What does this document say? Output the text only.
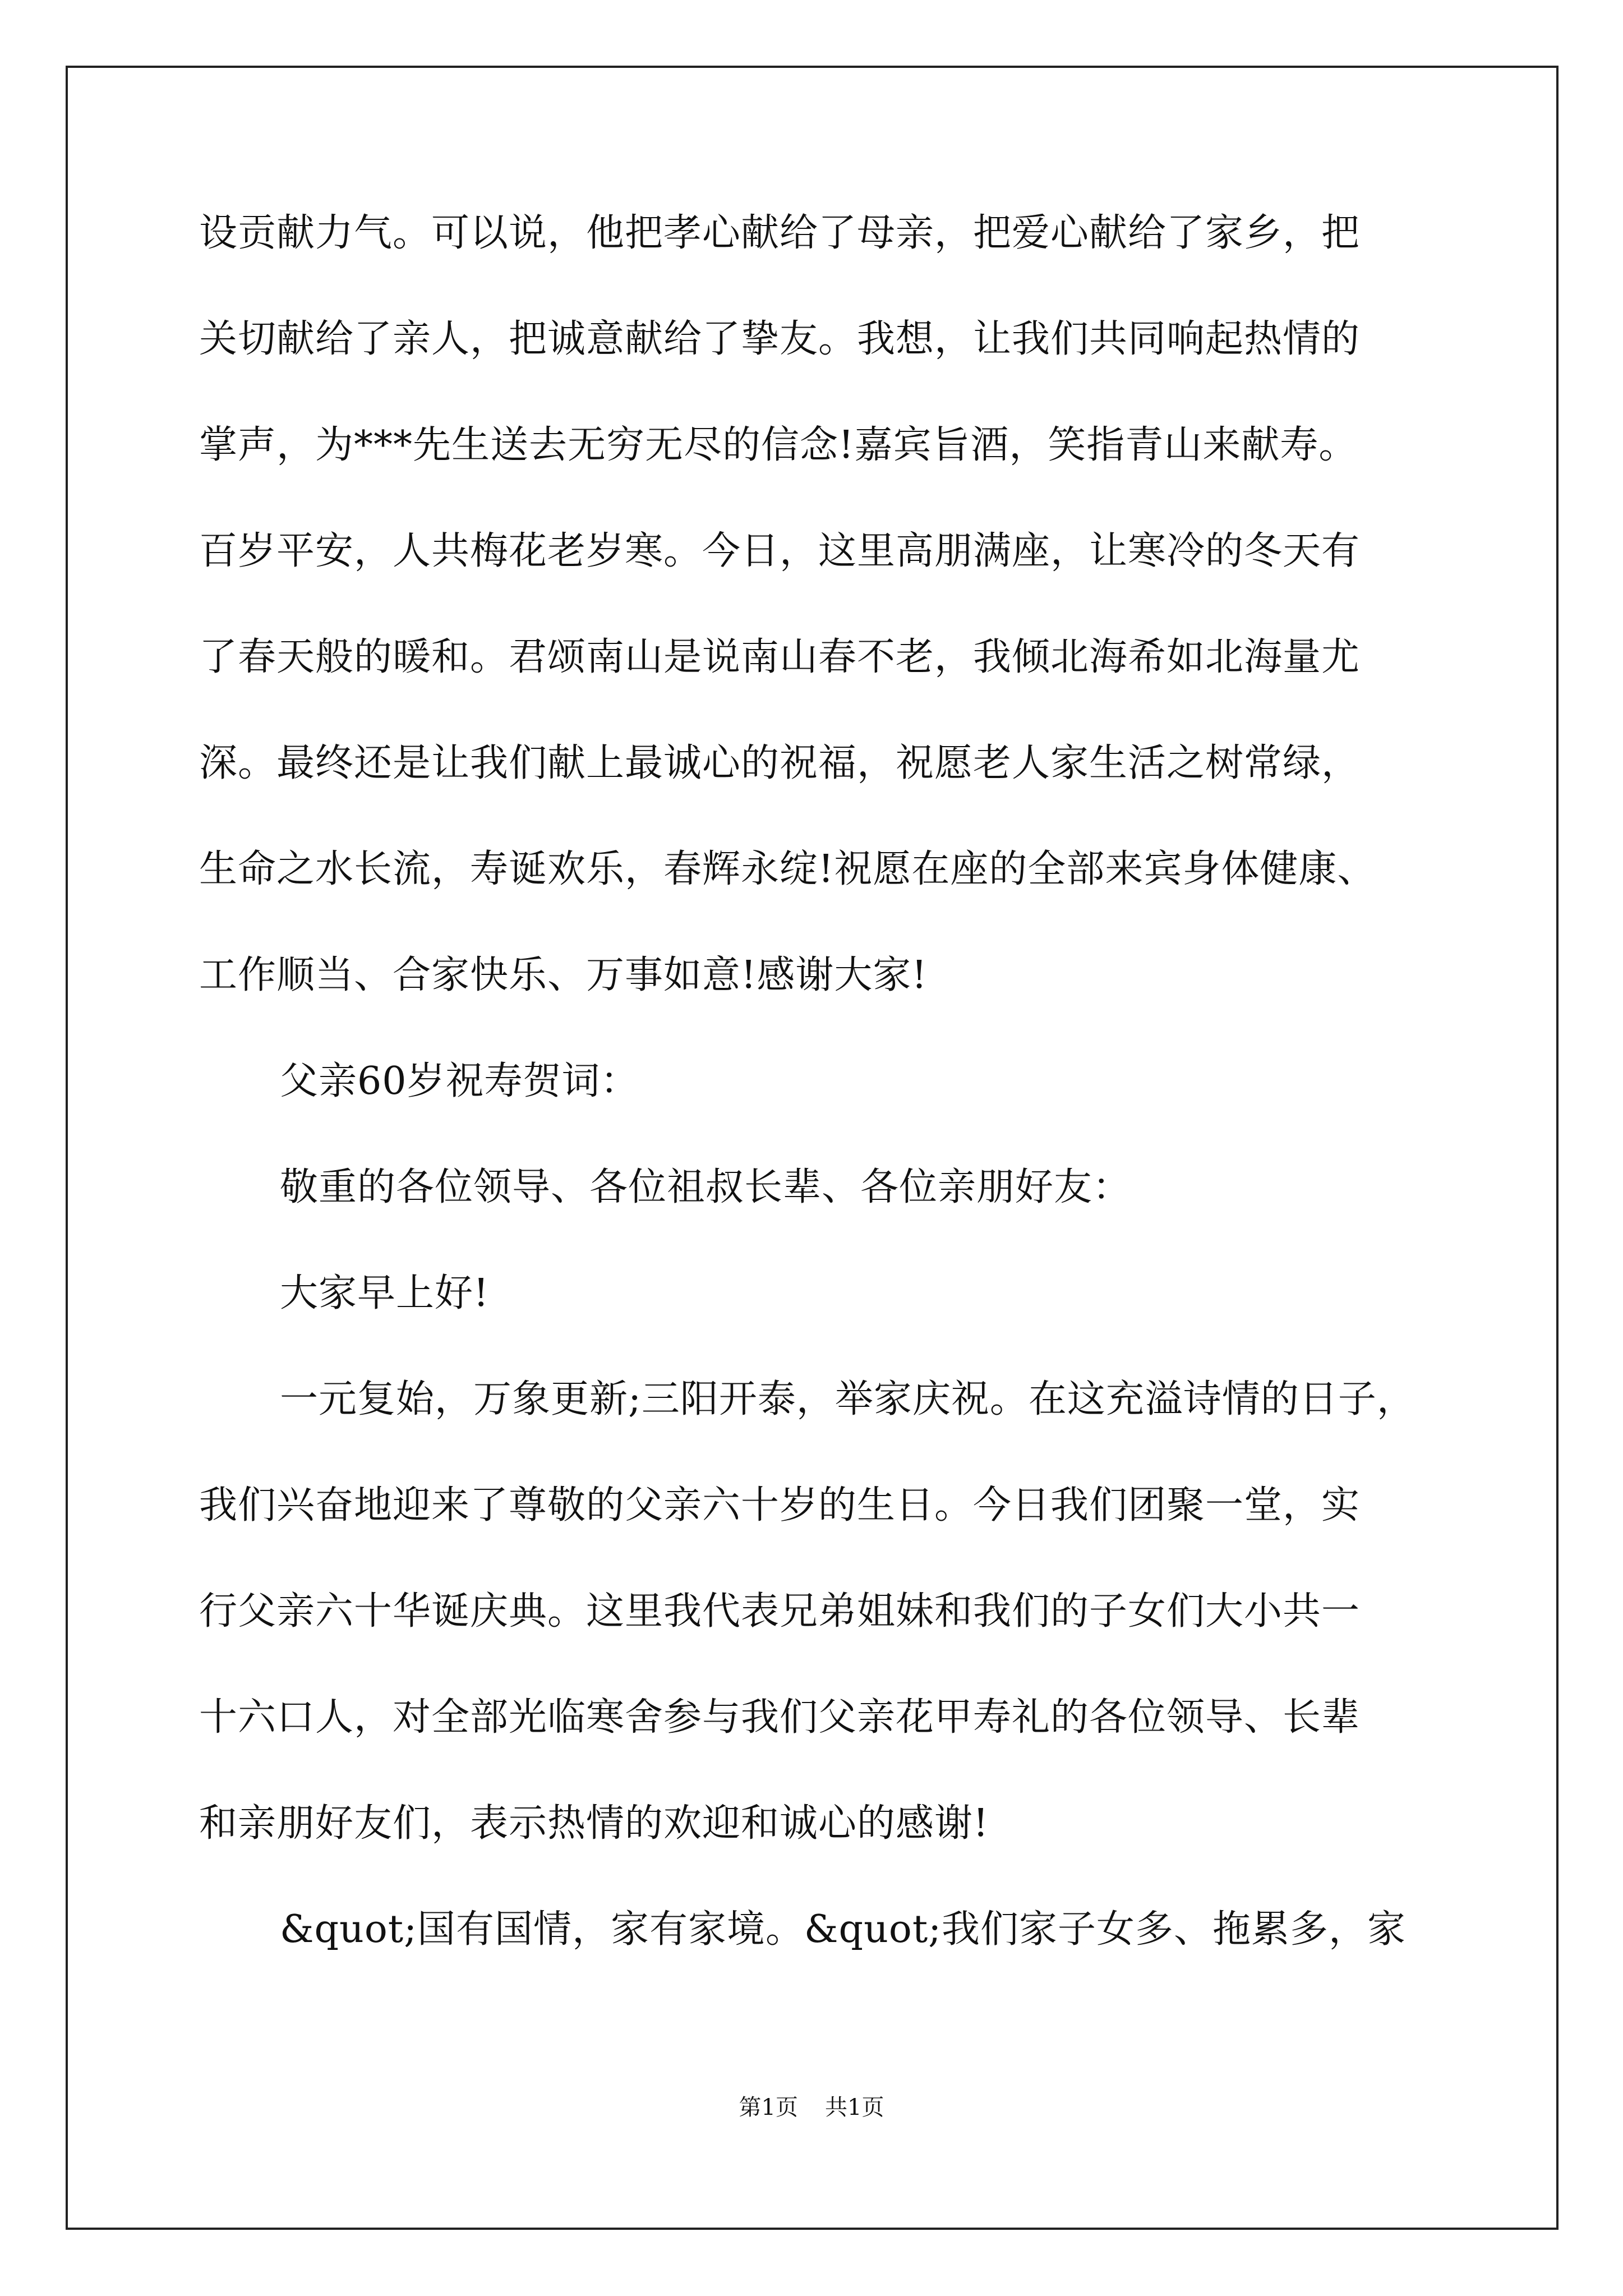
设贡献力气。可以说，他把孝心献给了母亲，把爱心献给了家乡，把
关切献给了亲人，把诚意献给了挚友。我想，让我们共同响起热情的
掌声，为***先生送去无穷无尽的信念!嘉宾旨酒，笑指青山来献寿。
百岁平安，人共梅花老岁寒。今日，这里高朋满座，让寒冷的冬天有
了春天般的暖和。君颂南山是说南山春不老，我倾北海希如北海量尤
深。最终还是让我们献上最诚心的祝福，祝愿老人家生活之树常绿，
生命之水长流，寿诞欢乐，春辉永绽!祝愿在座的全部来宾身体健康、
工作顺当、合家快乐、万事如意!感谢大家!
父亲60岁祝寿贺词：
敬重的各位领导、各位祖叔长辈、各位亲朋好友：
大家早上好!
一元复始，万象更新;三阳开泰，举家庆祝。在这充溢诗情的日子，
我们兴奋地迎来了尊敬的父亲六十岁的生日。今日我们团聚一堂，实
行父亲六十华诞庆典。这里我代表兄弟姐妹和我们的子女们大小共一
十六口人，对全部光临寒舍参与我们父亲花甲寿礼的各位领导、长辈
和亲朋好友们，表示热情的欢迎和诚心的感谢!
&quot;国有国情，家有家境。&quot;我们家子女多、拖累多，家
第1页 共1页
